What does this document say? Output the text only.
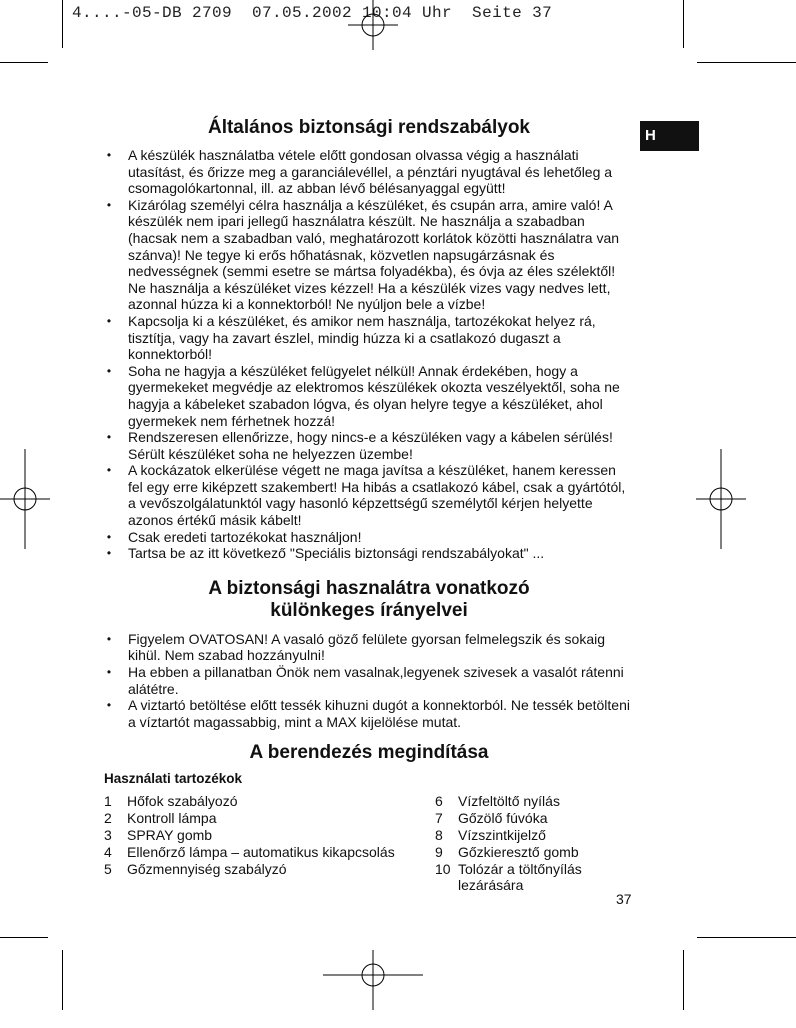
4....-05-DB 2709  07.05.2002 10:04 Uhr  Seite 37
H
Általános biztonsági rendszabályok
• A készülék használatba vétele előtt gondosan olvassa végig a használati utasítást, és őrizze meg a garanciálevéllel, a pénztári nyugtával és lehetőleg a csomagolókartonnal, ill. az abban lévő bélésanyaggal együtt!
• Kizárólag személyi célra használja a készüléket, és csupán arra, amire való! A készülék nem ipari jellegű használatra készült. Ne használja a szabadban (hacsak nem a szabadban való, meghatározott korlátok közötti használatra van szánva)! Ne tegye ki erős hőhatásnak, közvetlen napsugárzásnak és nedvességnek (semmi esetre se mártsa folyadékba), és óvja az éles szélektől! Ne használja a készüléket vizes kézzel! Ha a készülék vizes vagy nedves lett, azonnal húzza ki a konnektorból! Ne nyúljon bele a vízbe!
• Kapcsolja ki a készüléket, és amikor nem használja, tartozékokat helyez rá, tisztítja, vagy ha zavart észlel, mindig húzza ki a csatlakozó dugaszt a konnektorból!
• Soha ne hagyja a készüléket felügyelet nélkül! Annak érdekében, hogy a gyermekeket megvédje az elektromos készülékek okozta veszélyektől, soha ne hagyja a kábeleket szabadon lógva, és olyan helyre tegye a készüléket, ahol gyermekek nem férhetnek hozzá!
• Rendszeresen ellenőrizze, hogy nincs-e a készüléken vagy a kábelen sérülés! Sérült készüléket soha ne helyezzen üzembe!
• A kockázatok elkerülése végett ne maga javítsa a készüléket, hanem keressen fel egy erre kiképzett szakembert! Ha hibás a csatlakozó kábel, csak a gyártótól, a vevőszolgálatunktól vagy hasonló képzettségű személytől kérjen helyette azonos értékű másik kábelt!
• Csak eredeti tartozékokat használjon!
• Tartsa be az itt következő "Speciális biztonsági rendszabályokat" ...
A biztonsági hasznalátra vonatkozó
különkeges írányelvei
• Figyelem OVATOSAN! A vasaló göző felülete gyorsan felmelegszik és sokaig kihül. Nem szabad hozzányulni!
• Ha ebben a pillanatban Önök nem vasalnak,legyenek szivesek a vasalót rátenni alátétre.
• A viztartó betöltése előtt tessék kihuzni dugót a konnektorból. Ne tessék betölteni a víztartót magassabbig, mint a MAX kijelölése mutat.
A berendezés megindítása
Használati tartozékok
1	Hőfok szabályozó
2	Kontroll lámpa
3	SPRAY gomb
4	Ellenőrző lámpa – automatikus kikapcsolás
5	Gőzmennyiség szabályzó
6	Vízfeltöltő nyílás
7	Gőzölő fúvóka
8	Vízszintkijelző
9	Gőzkieresztő gomb
10 Tolózár a töltőnyílás lezárására
37
